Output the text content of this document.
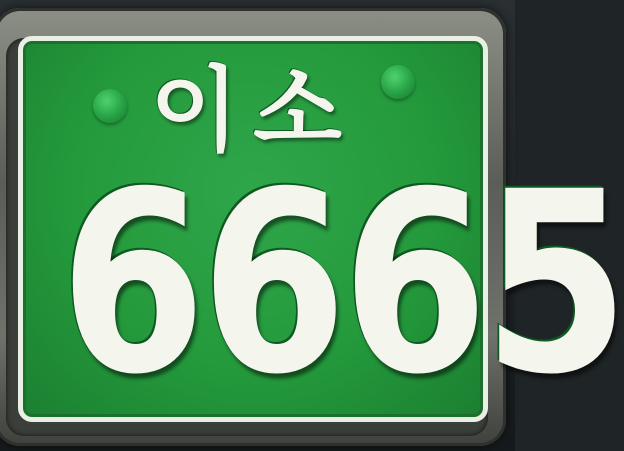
이소
6665
